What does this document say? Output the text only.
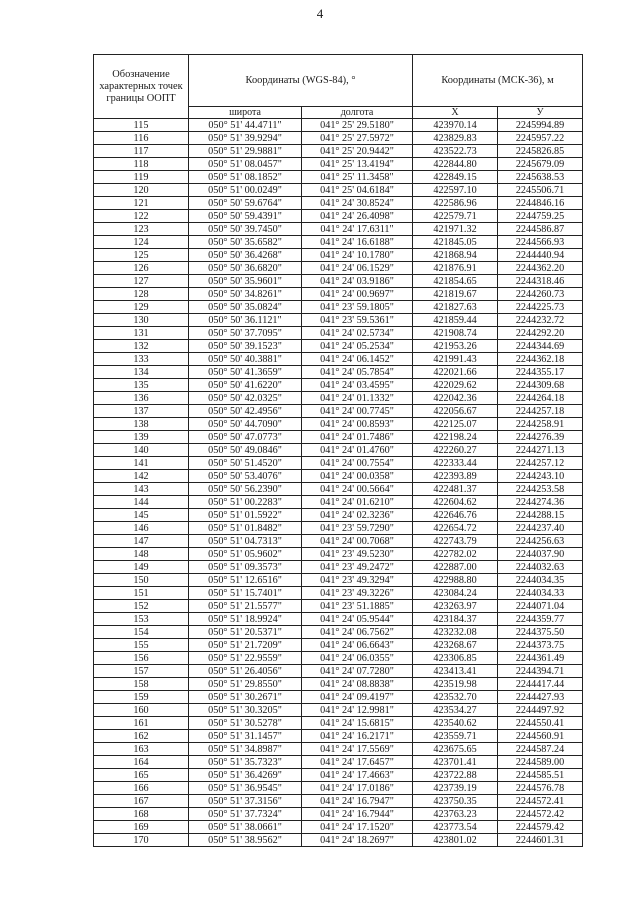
4
Обозначение характерных точек границы ООПТ	Координаты (WGS-84), °		Координаты (МСК-36), м	
	широта	долгота	X	У
115	050° 51' 44.4711"	041° 25' 29.5180"	423970.14	2245994.89
116	050° 51' 39.9294"	041° 25' 27.5972"	423829.83	2245957.22
117	050° 51' 29.9881"	041° 25' 20.9442"	423522.73	2245826.85
118	050° 51' 08.0457"	041° 25' 13.4194"	422844.80	2245679.09
119	050° 51' 08.1852"	041° 25' 11.3458"	422849.15	2245638.53
120	050° 51' 00.0249"	041° 25' 04.6184"	422597.10	2245506.71
121	050° 50' 59.6764"	041° 24' 30.8524"	422586.96	2244846.16
122	050° 50' 59.4391"	041° 24' 26.4098"	422579.71	2244759.25
123	050° 50' 39.7450"	041° 24' 17.6311"	421971.32	2244586.87
124	050° 50' 35.6582"	041° 24' 16.6188"	421845.05	2244566.93
125	050° 50' 36.4268"	041° 24' 10.1780"	421868.94	2244440.94
126	050° 50' 36.6820"	041° 24' 06.1529"	421876.91	2244362.20
127	050° 50' 35.9601"	041° 24' 03.9186"	421854.65	2244318.46
128	050° 50' 34.8261"	041° 24' 00.9697"	421819.67	2244260.73
129	050° 50' 35.0824"	041° 23' 59.1805"	421827.63	2244225.73
130	050° 50' 36.1121"	041° 23' 59.5361"	421859.44	2244232.72
131	050° 50' 37.7095"	041° 24' 02.5734"	421908.74	2244292.20
132	050° 50' 39.1523"	041° 24' 05.2534"	421953.26	2244344.69
133	050° 50' 40.3881"	041° 24' 06.1452"	421991.43	2244362.18
134	050° 50' 41.3659"	041° 24' 05.7854"	422021.66	2244355.17
135	050° 50' 41.6220"	041° 24' 03.4595"	422029.62	2244309.68
136	050° 50' 42.0325"	041° 24' 01.1332"	422042.36	2244264.18
137	050° 50' 42.4956"	041° 24' 00.7745"	422056.67	2244257.18
138	050° 50' 44.7090"	041° 24' 00.8593"	422125.07	2244258.91
139	050° 50' 47.0773"	041° 24' 01.7486"	422198.24	2244276.39
140	050° 50' 49.0846"	041° 24' 01.4760"	422260.27	2244271.13
141	050° 50' 51.4520"	041° 24' 00.7554"	422333.44	2244257.12
142	050° 50' 53.4076"	041° 24' 00.0358"	422393.89	2244243.10
143	050° 50' 56.2390"	041° 24' 00.5664"	422481.37	2244253.58
144	050° 51' 00.2283"	041° 24' 01.6210"	422604.62	2244274.36
145	050° 51' 01.5922"	041° 24' 02.3236"	422646.76	2244288.15
146	050° 51' 01.8482"	041° 23' 59.7290"	422654.72	2244237.40
147	050° 51' 04.7313"	041° 24' 00.7068"	422743.79	2244256.63
148	050° 51' 05.9602"	041° 23' 49.5230"	422782.02	2244037.90
149	050° 51' 09.3573"	041° 23' 49.2472"	422887.00	2244032.63
150	050° 51' 12.6516"	041° 23' 49.3294"	422988.80	2244034.35
151	050° 51' 15.7401"	041° 23' 49.3226"	423084.24	2244034.33
152	050° 51' 21.5577"	041° 23' 51.1885"	423263.97	2244071.04
153	050° 51' 18.9924"	041° 24' 05.9544"	423184.37	2244359.77
154	050° 51' 20.5371"	041° 24' 06.7562"	423232.08	2244375.50
155	050° 51' 21.7209"	041° 24' 06.6643"	423268.67	2244373.75
156	050° 51' 22.9559"	041° 24' 06.0355"	423306.85	2244361.49
157	050° 51' 26.4056"	041° 24' 07.7280"	423413.41	2244394.71
158	050° 51' 29.8550"	041° 24' 08.8838"	423519.98	2244417.44
159	050° 51' 30.2671"	041° 24' 09.4197"	423532.70	2244427.93
160	050° 51' 30.3205"	041° 24' 12.9981"	423534.27	2244497.92
161	050° 51' 30.5278"	041° 24' 15.6815"	423540.62	2244550.41
162	050° 51' 31.1457"	041° 24' 16.2171"	423559.71	2244560.91
163	050° 51' 34.8987"	041° 24' 17.5569"	423675.65	2244587.24
164	050° 51' 35.7323"	041° 24' 17.6457"	423701.41	2244589.00
165	050° 51' 36.4269"	041° 24' 17.4663"	423722.88	2244585.51
166	050° 51' 36.9545"	041° 24' 17.0186"	423739.19	2244576.78
167	050° 51' 37.3156"	041° 24' 16.7947"	423750.35	2244572.41
168	050° 51' 37.7324"	041° 24' 16.7944"	423763.23	2244572.42
169	050° 51' 38.0661"	041° 24' 17.1520"	423773.54	2244579.42
170	050° 51' 38.9562"	041° 24' 18.2697"	423801.02	2244601.31
